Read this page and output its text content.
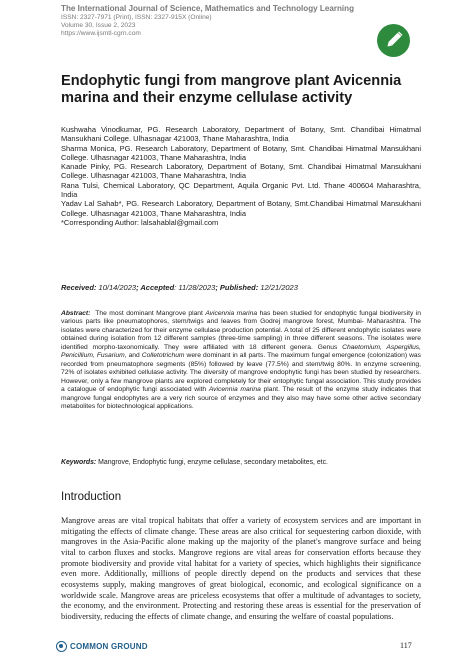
The International Journal of Science, Mathematics and Technology Learning
ISSN: 2327-7971 (Print), ISSN: 2327-915X (Online)
Volume 30, Issue 2, 2023
https://www.ijsmtl-cgrn.com
Endophytic fungi from mangrove plant Avicennia marina and their enzyme cellulase activity
Kushwaha Vinodkumar, PG. Research Laboratory, Department of Botany, Smt. Chandibai Himatmal Mansukhani College. Ulhasnagar 421003, Thane Maharashtra, India
Sharma Monica, PG. Research Laboratory, Department of Botany, Smt. Chandibai Himatmal Mansukhani College. Ulhasnagar 421003, Thane Maharashtra, India
Kanade Pinky, PG. Research Laboratory, Department of Botany, Smt. Chandibai Himatmal Mansukhani College. Ulhasnagar 421003, Thane Maharashtra, India
Rana Tulsi, Chemical Laboratory, QC Department, Aquila Organic Pvt. Ltd. Thane 400604 Maharashtra, India
Yadav Lal Sahab*, PG. Research Laboratory, Department of Botany, Smt.Chandibai Himatmal Mansukhani College. Ulhasnagar 421003, Thane Maharashtra, India
*Corresponding Author: lalsahablal@gmail.com
Received: 10/14/2023; Accepted: 11/28/2023; Published: 12/21/2023
Abstract: The most dominant Mangrove plant Avicennia marina has been studied for endophytic fungal biodiversity in various parts like pneumatophores, stem/twigs and leaves from Godrej mangrove forest, Mumbai- Maharashtra. The isolates were characterized for their enzyme cellulase production potential. A total of 25 different endophytic isolates were obtained during isolation from 12 different samples (three-time sampling) in three different seasons. The isolates were identified morpho-taxonomically. They were affiliated with 18 different genera. Genus Chaetomium, Aspergillus, Penicillium, Fusarium, and Colletotrichum were dominant in all parts. The maximum fungal emergence (colonization) was recorded from pneumatophore segments (85%) followed by leave (77.5%) and stem/twig 80%. In enzyme screening, 72% of isolates exhibited cellulase activity. The diversity of mangrove endophytic fungi has been studied by researchers. However, only a few mangrove plants are explored completely for their entophytic fungal association. This study provides a catalogue of endophytic fungi associated with Avicennia marina plant. The result of the enzyme study indicates that mangrove fungal endophytes are a very rich source of enzymes and they also may have some other active secondary metabolites for biotechnological applications.
Keywords: Mangrove, Endophytic fungi, enzyme cellulase, secondary metabolites, etc.
Introduction
Mangrove areas are vital tropical habitats that offer a variety of ecosystem services and are important in mitigating the effects of climate change. These areas are also critical for sequestering carbon dioxide, with mangroves in the Asia-Pacific alone making up the majority of the planet's mangrove surface and being vital to carbon fluxes and stocks. Mangrove regions are vital areas for conservation efforts because they promote biodiversity and provide vital habitat for a variety of species, which highlights their significance even more. Additionally, millions of people directly depend on the products and services that these ecosystems supply, making mangroves of great biological, economic, and ecological significance on a worldwide scale. Mangrove areas are priceless ecosystems that offer a multitude of advantages to society, the economy, and the environment. Protecting and restoring these areas is essential for the preservation of biodiversity, reducing the effects of climate change, and ensuring the welfare of coastal populations.
COMMON GROUND	117
